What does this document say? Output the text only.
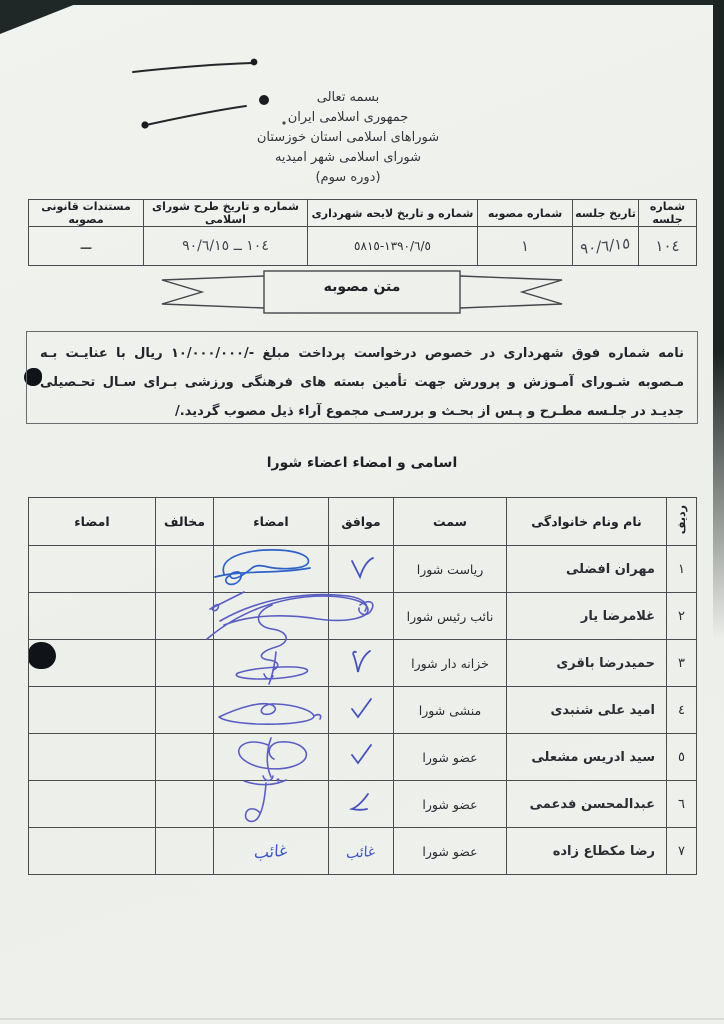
بسمه تعالی
جمهوری اسلامی ایران
شوراهای اسلامی استان خوزستان
شورای اسلامی شهر امیدیه
(دوره سوم)
شماره جلسه	تاریخ جلسه	شماره مصوبه	شماره و تاریخ لایحه شهرداری	شماره و تاریخ طرح شورای اسلامی	مستندات قانونی مصوبه
١٠٤	٩٠/٦/١٥	١	١٣٩٠/٦/٥-٥٨١٥	١٠٤ ــ ٩٠/٦/١٥	ــ
متن مصوبه
نامه شماره فوق شهرداری در خصوص درخواست پرداخت مبلغ -/١٠/٠٠٠/٠٠٠ ریال با عنایـت بـه مـصوبه شـورای آمـوزش و پرورش جهت تأمین بسته های فرهنگی ورزشی بـرای سـال تحـصیلی جدیـد در جلـسه مطـرح و پـس از بحـث و بررسـی مجموع آراء ذیل مصوب گردید./
اسامی و امضاء اعضاء شورا
ردیف	نام ونام خانوادگی	سمت	موافق	امضاء	مخالف	امضاء
١	مهران افضلی	ریاست شورا		

٢	غلامرضا یار	نائب رئیس شورا		

٣	حمیدرضا باقری	خزانه دار شورا		

٤	امید علی شنبدی	منشی شورا		

٥	سید ادریس مشعلی	عضو شورا		

٦	عبدالمحسن فدعمی	عضو شورا		

٧	رضا مکطاع زاده	عضو شورا	غائب	غائب		
